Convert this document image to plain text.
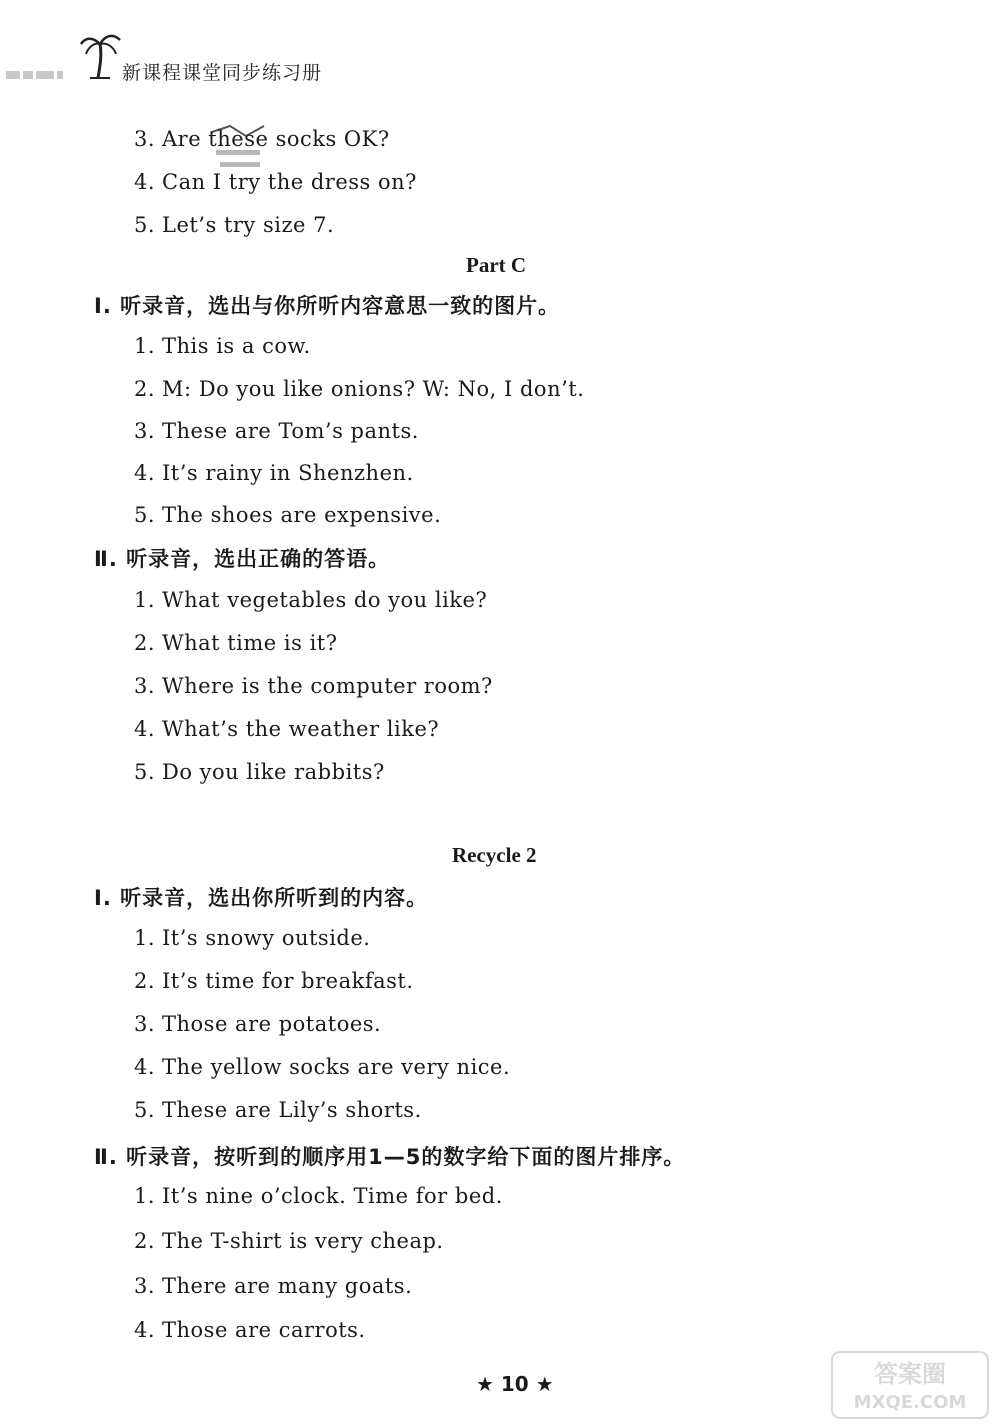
新课程课堂同步练习册
3. Are these socks OK?
4. Can I try the dress on?
5. Let’s try size 7.
Part C
Ⅰ. 听录音，选出与你所听内容意思一致的图片。
1. This is a cow.
2. M: Do you like onions? W: No, I don’t.
3. These are Tom’s pants.
4. It’s rainy in Shenzhen.
5. The shoes are expensive.
Ⅱ. 听录音，选出正确的答语。
1. What vegetables do you like?
2. What time is it?
3. Where is the computer room?
4. What’s the weather like?
5. Do you like rabbits?
Recycle 2
Ⅰ. 听录音，选出你所听到的内容。
1. It’s snowy outside.
2. It’s time for breakfast.
3. Those are potatoes.
4. The yellow socks are very nice.
5. These are Lily’s shorts.
Ⅱ. 听录音，按听到的顺序用1—5的数字给下面的图片排序。
1. It’s nine o’clock. Time for bed.
2. The T-shirt is very cheap.
3. There are many goats.
4. Those are carrots.
★ 10 ★	答案圈
MXQE.COM
